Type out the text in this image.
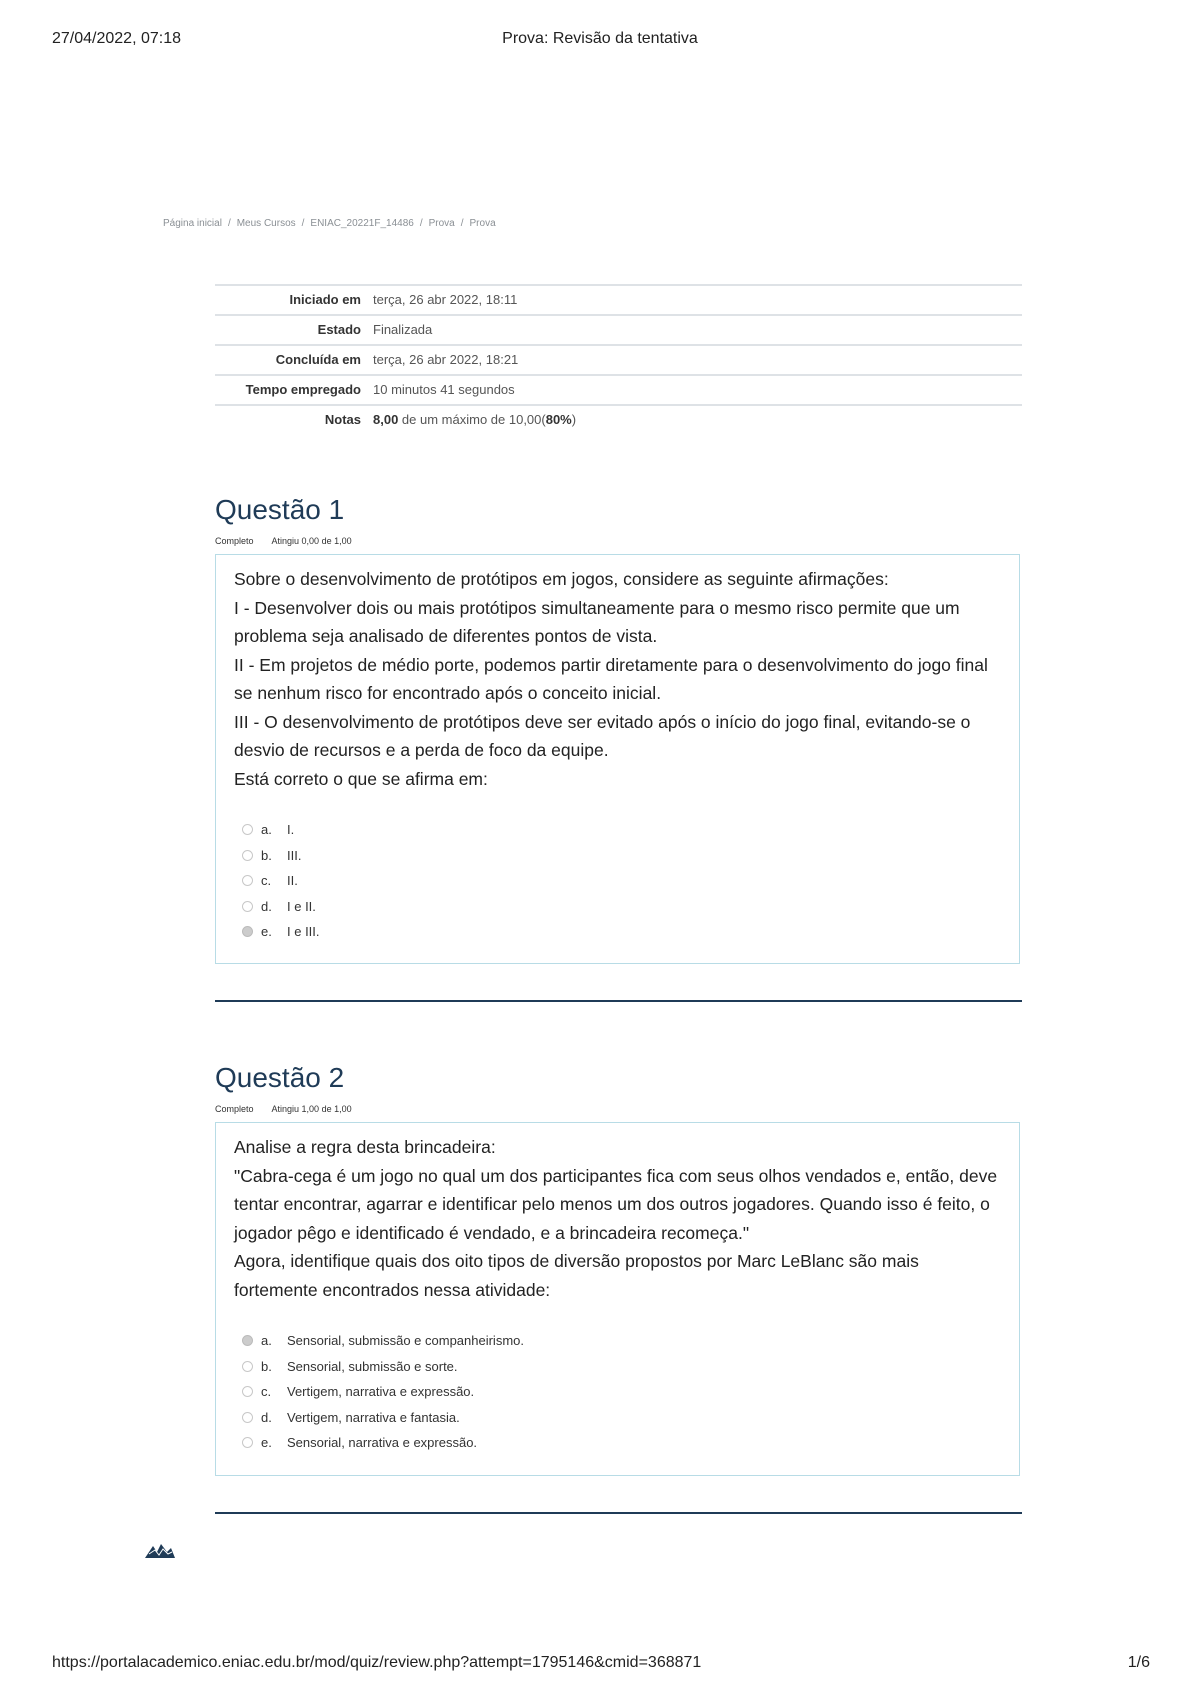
27/04/2022, 07:18	Prova: Revisão da tentativa
Página inicial / Meus Cursos / ENIAC_20221F_14486 / Prova / Prova
Iniciado em	terça, 26 abr 2022, 18:11
Estado	Finalizada
Concluída em	terça, 26 abr 2022, 18:21
Tempo empregado	10 minutos 41 segundos
Notas	8,00 de um máximo de 10,00(80%)
Questão 1
Completo Atingiu 0,00 de 1,00

Sobre o desenvolvimento de protótipos em jogos, considere as seguinte afirmações:

I - Desenvolver dois ou mais protótipos simultaneamente para o mesmo risco permite que um problema seja analisado de diferentes pontos de vista.

II - Em projetos de médio porte, podemos partir diretamente para o desenvolvimento do jogo final se nenhum risco for encontrado após o conceito inicial.

III - O desenvolvimento de protótipos deve ser evitado após o início do jogo final, evitando-se o desvio de recursos e a perda de foco da equipe.

Está correto o que se afirma em:

a.	I.
b.	III.
c.	II.
d.	I e II.
e.	I e III.
Questão 2
Completo Atingiu 1,00 de 1,00

Analise a regra desta brincadeira:

"Cabra-cega é um jogo no qual um dos participantes fica com seus olhos vendados e, então, deve tentar encontrar, agarrar e identificar pelo menos um dos outros jogadores. Quando isso é feito, o jogador pêgo e identificado é vendado, e a brincadeira recomeça."

Agora, identifique quais dos oito tipos de diversão propostos por Marc LeBlanc são mais fortemente encontrados nessa atividade:

a.	Sensorial, submissão e companheirismo.
b.	Sensorial, submissão e sorte.
c.	Vertigem, narrativa e expressão.
d.	Vertigem, narrativa e fantasia.
e.	Sensorial, narrativa e expressão.
https://portalacademico.eniac.edu.br/mod/quiz/review.php?attempt=1795146&cmid=368871	1/6
